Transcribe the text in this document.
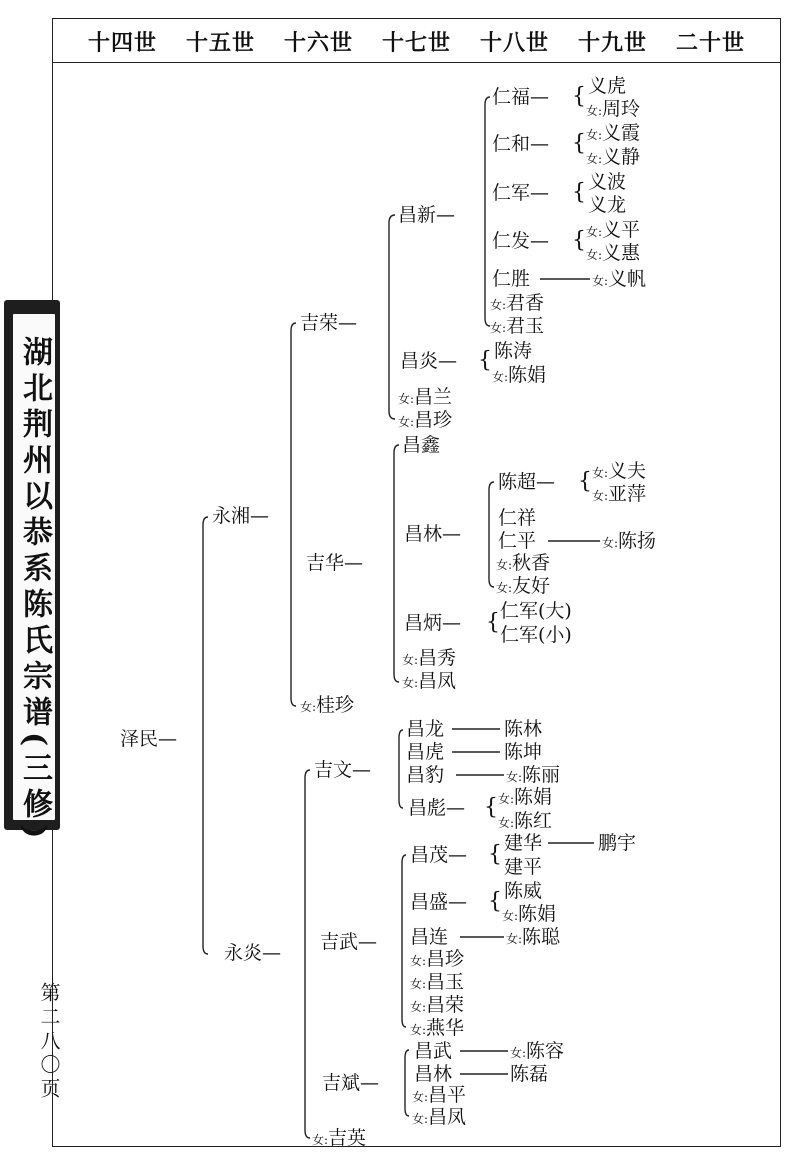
十四世 十五世 十六世 十七世 十八世 十九世 二十世
湖北荆州以恭系陈氏宗谱(三修)
第二八〇页
泽民—
永湘—
永炎—
吉荣—
吉华—
女:桂珍
吉文—
吉武—
吉斌—
女:吉英
昌新—
昌炎—
女:昌兰
女:昌珍
昌鑫
昌林—
昌炳—
女:昌秀
女:昌凤
昌龙
昌虎
昌豹
昌彪—
昌茂—
昌盛—
昌连
女:昌珍
女:昌玉
女:昌荣
女:燕华
昌武
昌林
女:昌平
女:昌凤
仁福—
仁和—
仁军—
仁发—
仁胜
女:君香
女:君玉
{ 陈涛
女:陈娟
陈超—
仁祥
仁平
女:秋香
女:友好
{ 仁军(大)
仁军(小)
陈林
陈坤
女:陈丽
{ 女:陈娟
女:陈红
{ 建华
建平
{ 陈威
女:陈娟
女:陈聪
女:陈容
陈磊
{ 义虎
女:周玲
{ 女:义霞
女:义静
{ 义波
义龙
{ 女:义平
女:义惠
女:义帆
{ 女:义夫
女:亚萍
女:陈扬
鹏宇
